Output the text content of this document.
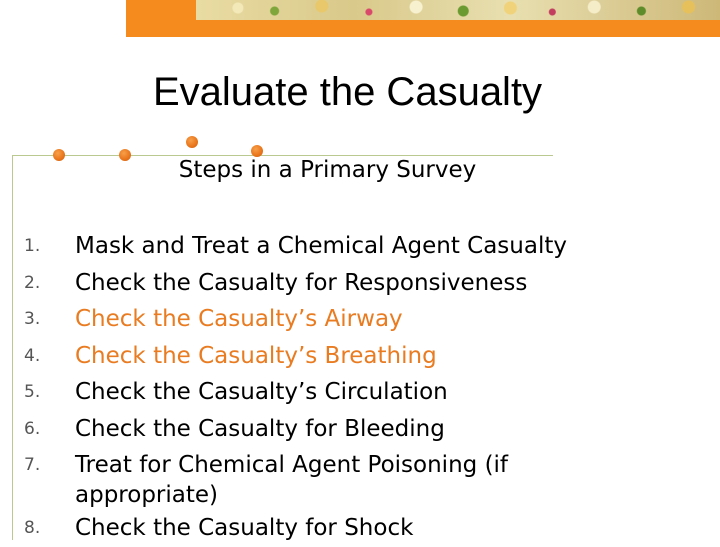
Evaluate the Casualty
Steps in a Primary Survey
1. Mask and Treat a Chemical Agent Casualty
2. Check the Casualty for Responsiveness
3. Check the Casualty’s Airway
4. Check the Casualty’s Breathing
5. Check the Casualty’s Circulation
6. Check the Casualty for Bleeding
7. Treat for Chemical Agent Poisoning (if appropriate)
8. Check the Casualty for Shock
